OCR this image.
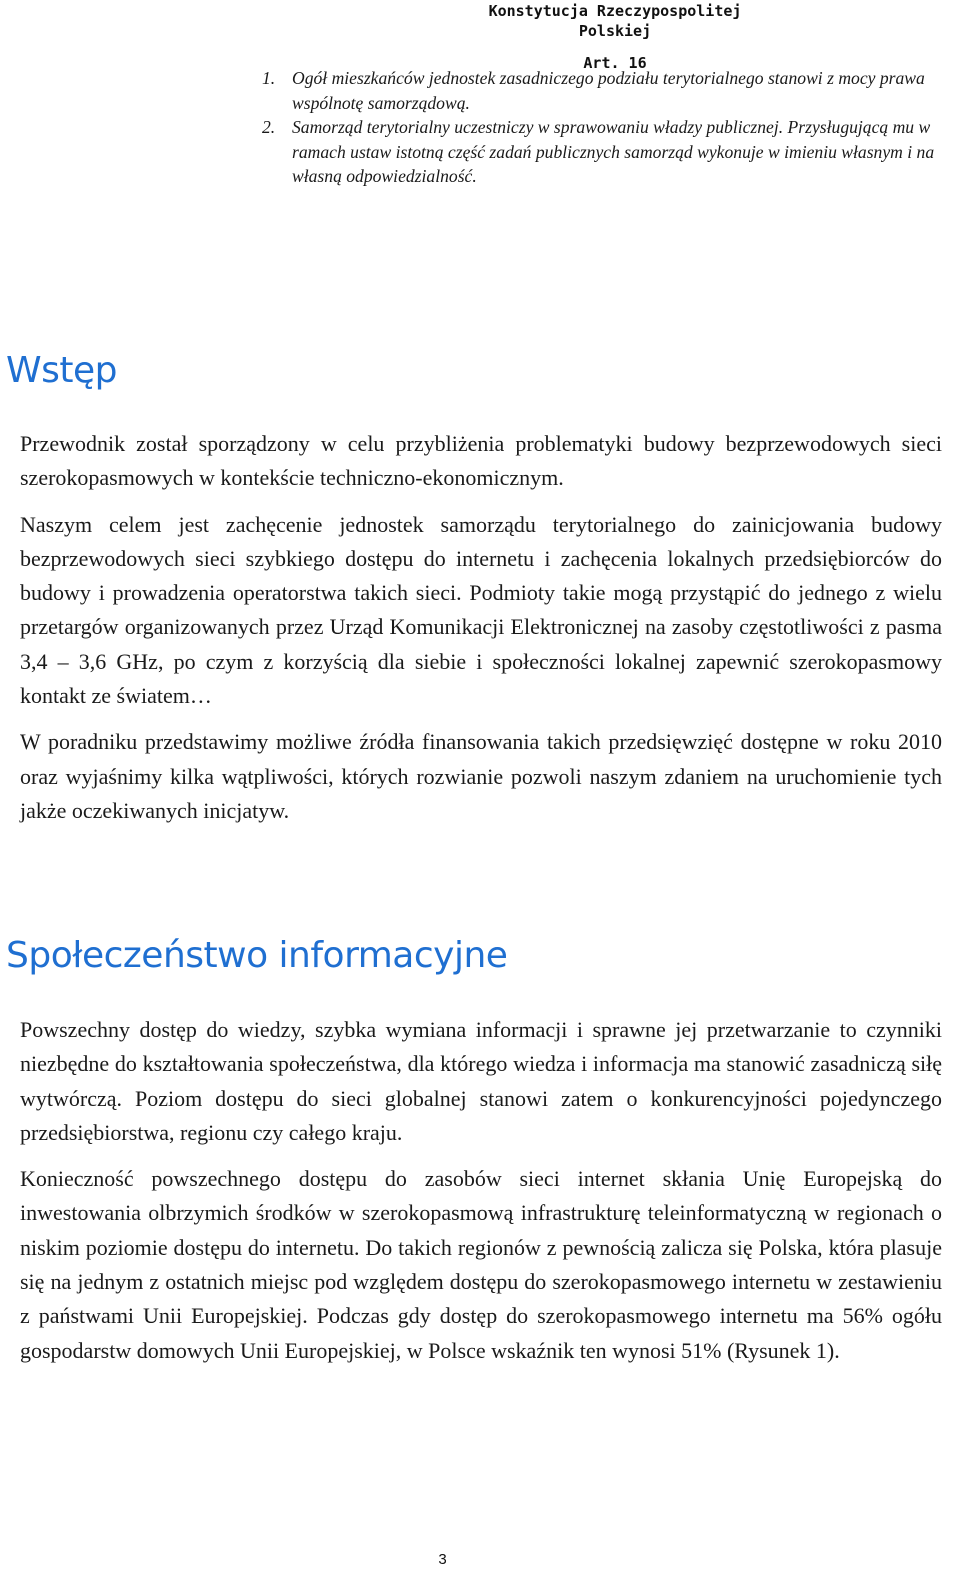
Konstytucja Rzeczypospolitej Polskiej
Art. 16
1. Ogół mieszkańców jednostek zasadniczego podziału terytorialnego stanowi z mocy prawa wspólnotę samorządową.
2. Samorząd terytorialny uczestniczy w sprawowaniu władzy publicznej. Przysługującą mu w ramach ustaw istotną część zadań publicznych samorząd wykonuje w imieniu własnym i na własną odpowiedzialność.
Wstęp

Przewodnik został sporządzony w celu przybliżenia problematyki budowy bezprzewodowych sieci szerokopasmowych w kontekście techniczno-ekonomicznym.

Naszym celem jest zachęcenie jednostek samorządu terytorialnego do zainicjowania budowy bezprzewodowych sieci szybkiego dostępu do internetu i zachęcenia lokalnych przedsiębiorców do budowy i prowadzenia operatorstwa takich sieci. Podmioty takie mogą przystąpić do jednego z wielu przetargów organizowanych przez Urząd Komunikacji Elektronicznej na zasoby częstotliwości z pasma 3,4 – 3,6 GHz, po czym z korzyścią dla siebie i społeczności lokalnej zapewnić szerokopasmowy kontakt ze światem…

W poradniku przedstawimy możliwe źródła finansowania takich przedsięwzięć dostępne w roku 2010 oraz wyjaśnimy kilka wątpliwości, których rozwianie pozwoli naszym zdaniem na uruchomienie tych jakże oczekiwanych inicjatyw.

Społeczeństwo informacyjne

Powszechny dostęp do wiedzy, szybka wymiana informacji i sprawne jej przetwarzanie to czynniki niezbędne do kształtowania społeczeństwa, dla którego wiedza i informacja ma stanowić zasadniczą siłę wytwórczą. Poziom dostępu do sieci globalnej stanowi zatem o konkurencyjności pojedynczego przedsiębiorstwa, regionu czy całego kraju.

Konieczność powszechnego dostępu do zasobów sieci internet skłania Unię Europejską do inwestowania olbrzymich środków w szerokopasmową infrastrukturę teleinformatyczną w regionach o niskim poziomie dostępu do internetu. Do takich regionów z pewnością zalicza się Polska, która plasuje się na jednym z ostatnich miejsc pod względem dostępu do szerokopasmowego internetu w zestawieniu z państwami Unii Europejskiej. Podczas gdy dostęp do szerokopasmowego internetu ma 56% ogółu gospodarstw domowych Unii Europejskiej, w Polsce wskaźnik ten wynosi 51% (Rysunek 1).

3
